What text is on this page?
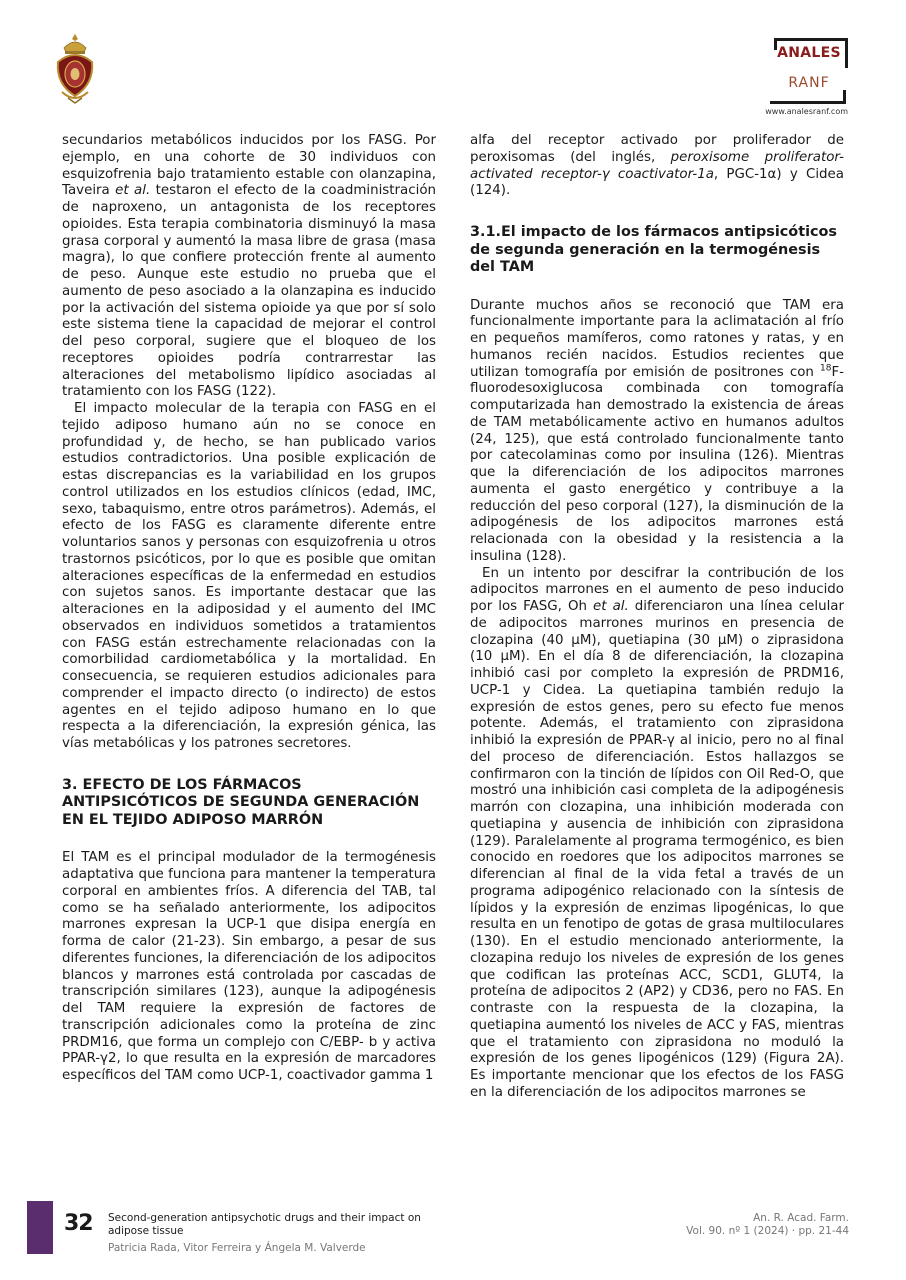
ANALES
RANF
www.analesranf.com

secundarios metabólicos inducidos por los FASG. Por ejemplo, en una cohorte de 30 individuos con esquizofrenia bajo tratamiento estable con olanzapina, Taveira et al. testaron el efecto de la coadministración de naproxeno, un antagonista de los receptores opioides. Esta terapia combinatoria disminuyó la masa grasa corporal y aumentó la masa libre de grasa (masa magra), lo que confiere protección frente al aumento de peso. Aunque este estudio no prueba que el aumento de peso asociado a la olanzapina es inducido por la activación del sistema opioide ya que por sí solo este sistema tiene la capacidad de mejorar el control del peso corporal, sugiere que el bloqueo de los receptores opioides podría contrarrestar las alteraciones del metabolismo lipídico asociadas al tratamiento con los FASG (122).

El impacto molecular de la terapia con FASG en el tejido adiposo humano aún no se conoce en profundidad y, de hecho, se han publicado varios estudios contradictorios. Una posible explicación de estas discrepancias es la variabilidad en los grupos control utilizados en los estudios clínicos (edad, IMC, sexo, tabaquismo, entre otros parámetros). Además, el efecto de los FASG es claramente diferente entre voluntarios sanos y personas con esquizofrenia u otros trastornos psicóticos, por lo que es posible que omitan alteraciones específicas de la enfermedad en estudios con sujetos sanos. Es importante destacar que las alteraciones en la adiposidad y el aumento del IMC observados en individuos sometidos a tratamientos con FASG están estrechamente relacionadas con la comorbilidad cardiometabólica y la mortalidad. En consecuencia, se requieren estudios adicionales para comprender el impacto directo (o indirecto) de estos agentes en el tejido adiposo humano en lo que respecta a la diferenciación, la expresión génica, las vías metabólicas y los patrones secretores.

3. EFECTO DE LOS FÁRMACOS ANTIPSICÓTICOS DE SEGUNDA GENERACIÓN EN EL TEJIDO ADIPOSO MARRÓN

El TAM es el principal modulador de la termogénesis adaptativa que funciona para mantener la temperatura corporal en ambientes fríos. A diferencia del TAB, tal como se ha señalado anteriormente, los adipocitos marrones expresan la UCP-1 que disipa energía en forma de calor (21-23). Sin embargo, a pesar de sus diferentes funciones, la diferenciación de los adipocitos blancos y marrones está controlada por cascadas de transcripción similares (123), aunque la adipogénesis del TAM requiere la expresión de factores de transcripción adicionales como la proteína de zinc PRDM16, que forma un complejo con C/EBP- b y activa PPAR-γ2, lo que resulta en la expresión de marcadores específicos del TAM como UCP-1, coactivador gamma 1

alfa del receptor activado por proliferador de peroxisomas (del inglés, peroxisome proliferator-activated receptor-γ coactivator-1a, PGC-1α) y Cidea (124).

3.1.El impacto de los fármacos antipsicóticos de segunda generación en la termogénesis del TAM

Durante muchos años se reconoció que TAM era funcionalmente importante para la aclimatación al frío en pequeños mamíferos, como ratones y ratas, y en humanos recién nacidos. Estudios recientes que utilizan tomografía por emisión de positrones con $^{18}$F-fluorodesoxiglucosa combinada con tomografía computarizada han demostrado la existencia de áreas de TAM metabólicamente activo en humanos adultos (24, 125), que está controlado funcionalmente tanto por catecolaminas como por insulina (126). Mientras que la diferenciación de los adipocitos marrones aumenta el gasto energético y contribuye a la reducción del peso corporal (127), la disminución de la adipogénesis de los adipocitos marrones está relacionada con la obesidad y la resistencia a la insulina (128).

En un intento por descifrar la contribución de los adipocitos marrones en el aumento de peso inducido por los FASG, Oh et al. diferenciaron una línea celular de adipocitos marrones murinos en presencia de clozapina (40 μM), quetiapina (30 μM) o ziprasidona (10 μM). En el día 8 de diferenciación, la clozapina inhibió casi por completo la expresión de PRDM16, UCP-1 y Cidea. La quetiapina también redujo la expresión de estos genes, pero su efecto fue menos potente. Además, el tratamiento con ziprasidona inhibió la expresión de PPAR-γ al inicio, pero no al final del proceso de diferenciación. Estos hallazgos se confirmaron con la tinción de lípidos con Oil Red-O, que mostró una inhibición casi completa de la adipogénesis marrón con clozapina, una inhibición moderada con quetiapina y ausencia de inhibición con ziprasidona (129). Paralelamente al programa termogénico, es bien conocido en roedores que los adipocitos marrones se diferencian al final de la vida fetal a través de un programa adipogénico relacionado con la síntesis de lípidos y la expresión de enzimas lipogénicas, lo que resulta en un fenotipo de gotas de grasa multiloculares (130). En el estudio mencionado anteriormente, la clozapina redujo los niveles de expresión de los genes que codifican las proteínas ACC, SCD1, GLUT4, la proteína de adipocitos 2 (AP2) y CD36, pero no FAS. En contraste con la respuesta de la clozapina, la quetiapina aumentó los niveles de ACC y FAS, mientras que el tratamiento con ziprasidona no moduló la expresión de los genes lipogénicos (129) (Figura 2A). Es importante mencionar que los efectos de los FASG en la diferenciación de los adipocitos marrones se

32 Second-generation antipsychotic drugs and their impact on adipose tissue
Patricia Rada, Vitor Ferreira y Ángela M. Valverde
An. R. Acad. Farm.
Vol. 90. nº 1 (2024) · pp. 21-44
